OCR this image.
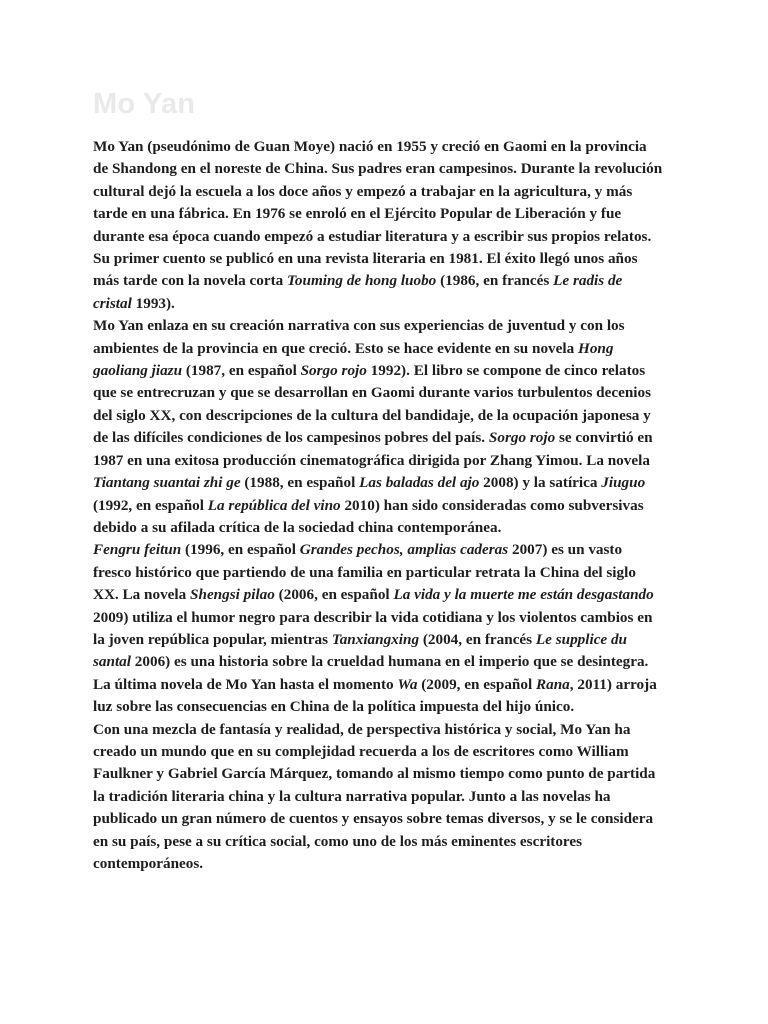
Mo Yan

Mo Yan (pseudónimo de Guan Moye) nació en 1955 y creció en Gaomi en la provincia
de Shandong en el noreste de China. Sus padres eran campesinos. Durante la revolución
cultural dejó la escuela a los doce años y empezó a trabajar en la agricultura, y más
tarde en una fábrica. En 1976 se enroló en el Ejército Popular de Liberación y fue
durante esa época cuando empezó a estudiar literatura y a escribir sus propios relatos.
Su primer cuento se publicó en una revista literaria en 1981. El éxito llegó unos años
más tarde con la novela corta Touming de hong luobo (1986, en francés Le radis de
cristal 1993).

Mo Yan enlaza en su creación narrativa con sus experiencias de juventud y con los
ambientes de la provincia en que creció. Esto se hace evidente en su novela Hong
gaoliang jiazu (1987, en español Sorgo rojo 1992). El libro se compone de cinco relatos
que se entrecruzan y que se desarrollan en Gaomi durante varios turbulentos decenios
del siglo XX, con descripciones de la cultura del bandidaje, de la ocupación japonesa y
de las difíciles condiciones de los campesinos pobres del país. Sorgo rojo se convirtió en
1987 en una exitosa producción cinematográfica dirigida por Zhang Yimou. La novela
Tiantang suantai zhi ge (1988, en español Las baladas del ajo 2008) y la satírica Jiuguo
(1992, en español La república del vino 2010) han sido consideradas como subversivas
debido a su afilada crítica de la sociedad china contemporánea.

Fengru feitun (1996, en español Grandes pechos, amplias caderas 2007) es un vasto
fresco histórico que partiendo de una familia en particular retrata la China del siglo
XX. La novela Shengsi pilao (2006, en español La vida y la muerte me están desgastando
2009) utiliza el humor negro para describir la vida cotidiana y los violentos cambios en
la joven república popular, mientras Tanxiangxing (2004, en francés Le supplice du
santal 2006) es una historia sobre la crueldad humana en el imperio que se desintegra.
La última novela de Mo Yan hasta el momento Wa (2009, en español Rana, 2011) arroja
luz sobre las consecuencias en China de la política impuesta del hijo único.

Con una mezcla de fantasía y realidad, de perspectiva histórica y social, Mo Yan ha
creado un mundo que en su complejidad recuerda a los de escritores como William
Faulkner y Gabriel García Márquez, tomando al mismo tiempo como punto de partida
la tradición literaria china y la cultura narrativa popular. Junto a las novelas ha
publicado un gran número de cuentos y ensayos sobre temas diversos, y se le considera
en su país, pese a su crítica social, como uno de los más eminentes escritores
contemporáneos.
